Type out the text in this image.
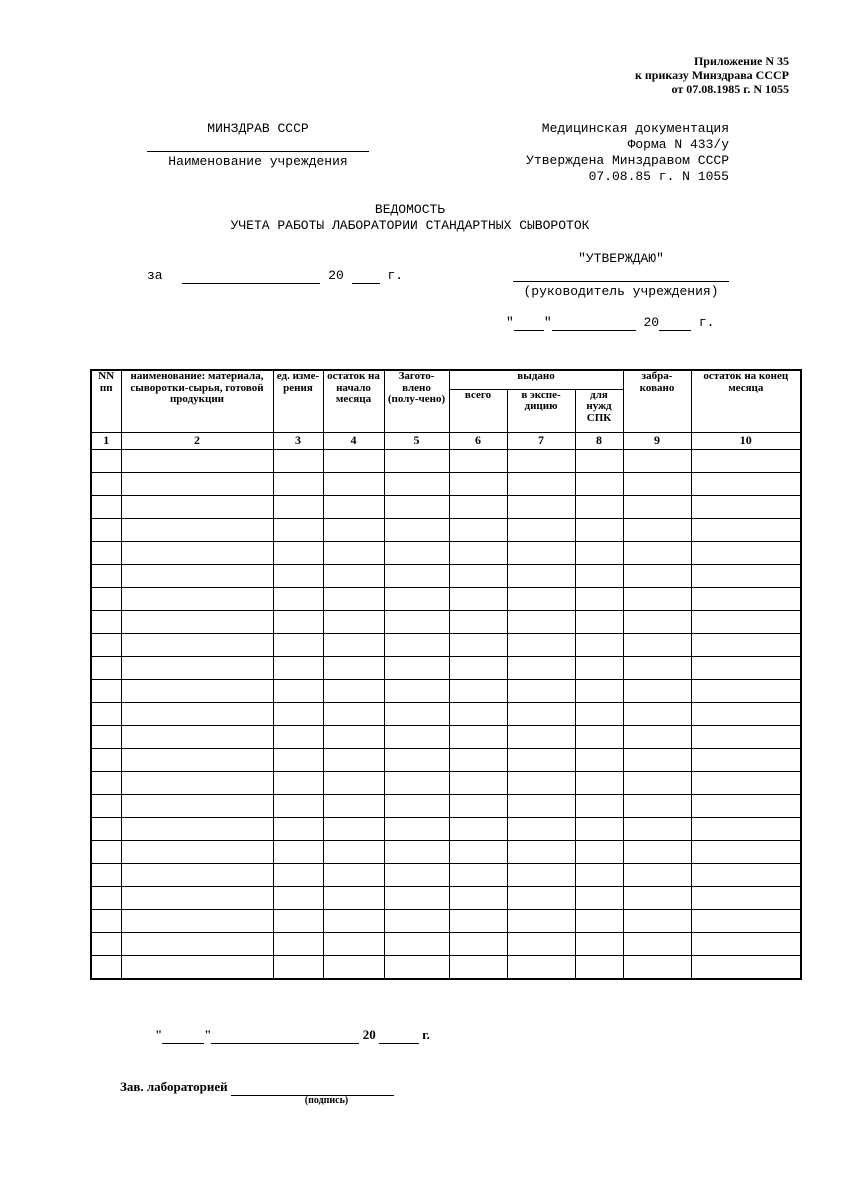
Приложение N 35
к приказу Минздрава СССР
от 07.08.1985 г. N 1055
МИНЗДРАВ СССР
Наименование учреждения
Медицинская документация
Форма N 433/у
Утверждена Минздравом СССР
07.08.85 г. N 1055
ВЕДОМОСТЬ
УЧЕТА РАБОТЫ ЛАБОРАТОРИИ СТАНДАРТНЫХ СЫВОРОТОК
"УТВЕРЖДАЮ"
(руководитель учреждения)
" "	20	г.
за	20	г.
NN пп	наименование: материала, сыворотки-сырья, готовой продукции	ед. изме-рения	остаток на начало месяца	Загото-влено (полу-чено)	выдано			забра-ковано	остаток на конец месяца
					всего	в экспе-дицию	для нужд СПК		
1	2	3	4	5	6	7	8	9	10

"	"	20	г.
Зав. лабораторией
(подпись)
